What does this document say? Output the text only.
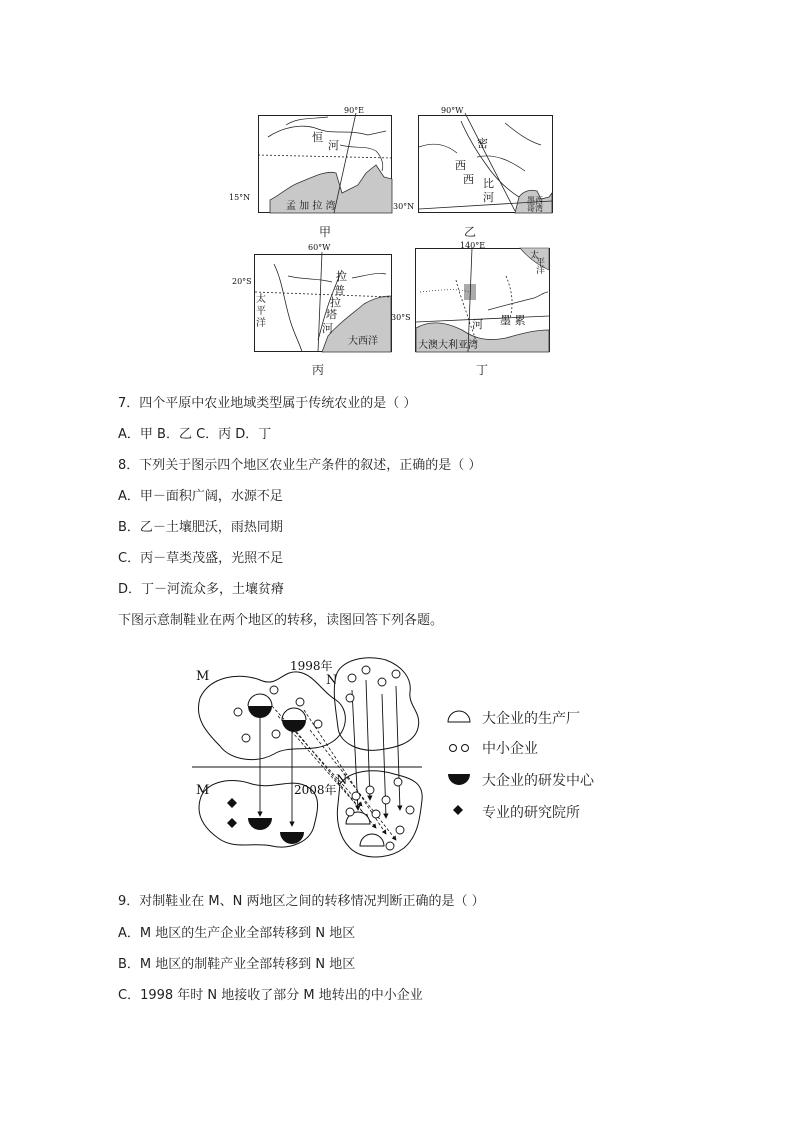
90°E
恒
河
孟 加 拉 湾
15°N
甲
90°W
密
西
西 比
河	墨西
哥湾
30°N
乙
60°W
太
平
洋
拉
普
拉
塔
河
大西洋
20°S
丙
140°E
太
平
洋
河 墨 累
大澳大利亚湾
30°S
丁
7．四个平原中农业地域类型属于传统农业的是（ ）
A．甲 B．乙 C．丙 D．丁
8．下列关于图示四个地区农业生产条件的叙述，正确的是（ ）
A．甲－面积广阔，水源不足
B．乙－土壤肥沃，雨热同期
C．丙－草类茂盛，光照不足
D．丁－河流众多，土壤贫瘠
下图示意制鞋业在两个地区的转移，读图回答下列各题。
1998年
2008年
M	N
M
N
大企业的生产厂
中小企业
大企业的研发中心
专业的研究院所
9．对制鞋业在 M、N 两地区之间的转移情况判断正确的是（ ）
A．M 地区的生产企业全部转移到 N 地区
B．M 地区的制鞋产业全部转移到 N 地区
C．1998 年时 N 地接收了部分 M 地转出的中小企业
